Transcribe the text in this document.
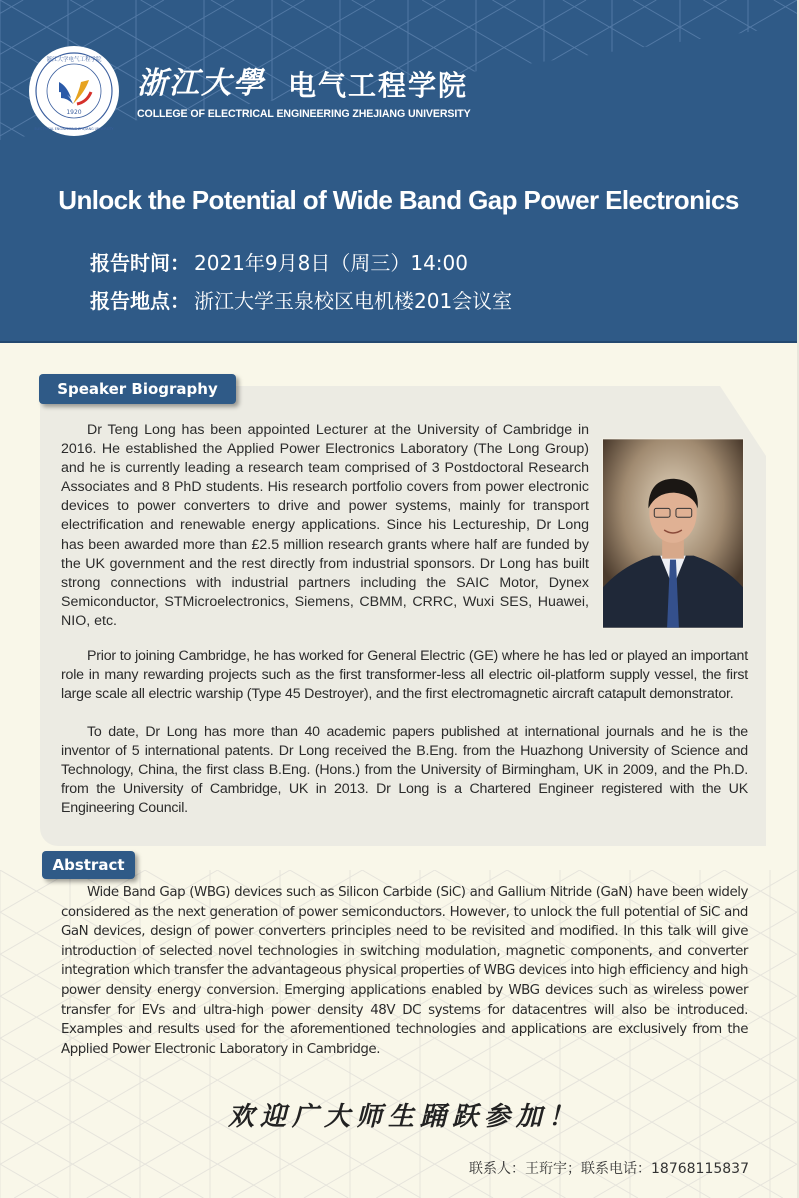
1920
浙江大学电气工程学院
ELECTRICAL ENGINEERING ZHEJIANG UNIVERSITY
浙江大學 电气工程学院
COLLEGE OF ELECTRICAL ENGINEERING ZHEJIANG UNIVERSITY
Unlock the Potential of Wide Band Gap Power Electronics
报告时间： 2021年9月8日（周三）14:00
报告地点： 浙江大学玉泉校区电机楼201会议室
Speaker Biography

Dr Teng Long has been appointed Lecturer at the University of Cambridge in 2016. He established the Applied Power Electronics Laboratory (The Long Group) and he is currently leading a research team comprised of 3 Postdoctoral Research Associates and 8 PhD students. His research portfolio covers from power electronic devices to power converters to drive and power systems, mainly for transport electrification and renewable energy applications. Since his Lectureship, Dr Long has been awarded more than £2.5 million research grants where half are funded by the UK government and the rest directly from industrial sponsors. Dr Long has built strong connections with industrial partners including the SAIC Motor, Dynex Semiconductor, STMicroelectronics, Siemens, CBMM, CRRC, Wuxi SES, Huawei, NIO, etc.

Prior to joining Cambridge, he has worked for General Electric (GE) where he has led or played an important role in many rewarding projects such as the first transformer-less all electric oil-platform supply vessel, the first large scale all electric warship (Type 45 Destroyer), and the first electromagnetic aircraft catapult demonstrator.

To date, Dr Long has more than 40 academic papers published at international journals and he is the inventor of 5 international patents. Dr Long received the B.Eng. from the Huazhong University of Science and Technology, China, the first class B.Eng. (Hons.) from the University of Birmingham, UK in 2009, and the Ph.D. from the University of Cambridge, UK in 2013. Dr Long is a Chartered Engineer registered with the UK Engineering Council.

Abstract

Wide Band Gap (WBG) devices such as Silicon Carbide (SiC) and Gallium Nitride (GaN) have been widely considered as the next generation of power semiconductors. However, to unlock the full potential of SiC and GaN devices, design of power converters principles need to be revisited and modified. In this talk will give introduction of selected novel technologies in switching modulation, magnetic components, and converter integration which transfer the advantageous physical properties of WBG devices into high efficiency and high power density energy conversion. Emerging applications enabled by WBG devices such as wireless power transfer for EVs and ultra-high power density 48V DC systems for datacentres will also be introduced. Examples and results used for the aforementioned technologies and applications are exclusively from the Applied Power Electronic Laboratory in Cambridge.

欢迎广大师生踊跃参加！
联系人：王珩宇；联系电话：18768115837
